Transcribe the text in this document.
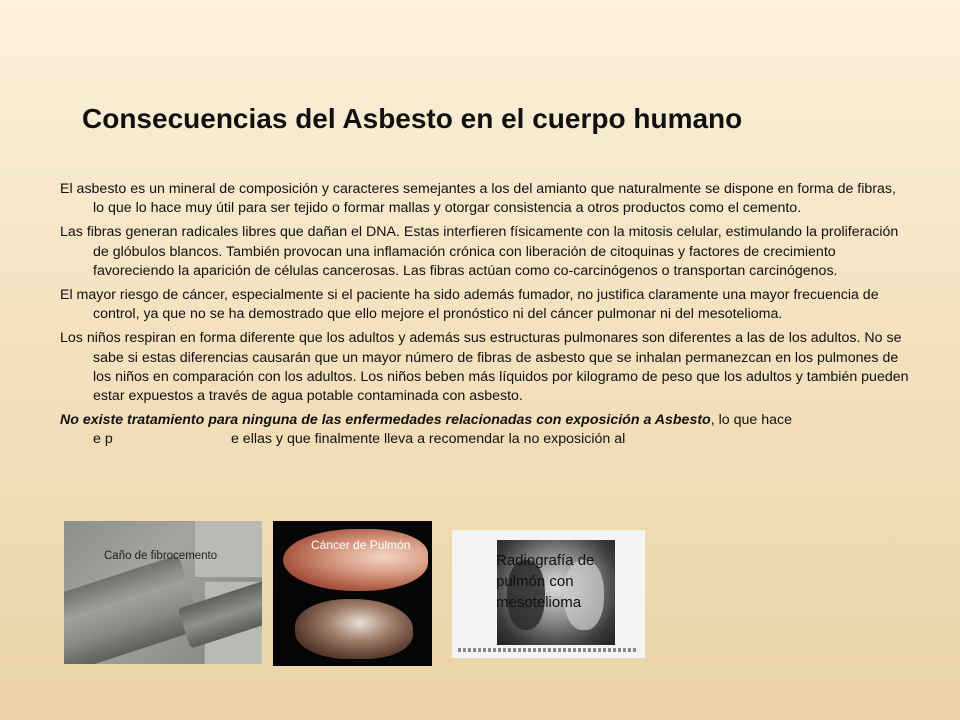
Consecuencias del Asbesto en el cuerpo humano

El asbesto es un mineral de composición y caracteres semejantes a los del amianto que naturalmente se dispone en forma de fibras, lo que lo hace muy útil para ser tejido o formar mallas y otorgar consistencia a otros productos como el cemento.

Las fibras generan radicales libres que dañan el DNA. Estas interfieren físicamente con la mitosis celular, estimulando la proliferación de glóbulos blancos. También provocan una inflamación crónica con liberación de citoquinas y factores de crecimiento favoreciendo la aparición de células cancerosas. Las fibras actúan como co-carcinógenos o transportan carcinógenos.

El mayor riesgo de cáncer, especialmente si el paciente ha sido además fumador, no justifica claramente una mayor frecuencia de control, ya que no se ha demostrado que ello mejore el pronóstico ni del cáncer pulmonar ni del mesotelioma.

Los niños respiran en forma diferente que los adultos y además sus estructuras pulmonares son diferentes a las de los adultos. No se sabe si estas diferencias causarán que un mayor número de fibras de asbesto que se inhalan permanezcan en los pulmones de los niños en comparación con los adultos. Los niños beben más líquidos por kilogramo de peso que los adultos y también pueden estar expuestos a través de agua potable contaminada con asbesto.

No existe tratamiento para ninguna de las enfermedades relacionadas con exposición a Asbesto, lo que hace
e p                              e ellas y que finalmente lleva a recomendar la no exposición al

Caño de fibrocemento
Cáncer de Pulmón
Radiografía de pulmón con mesotelioma
